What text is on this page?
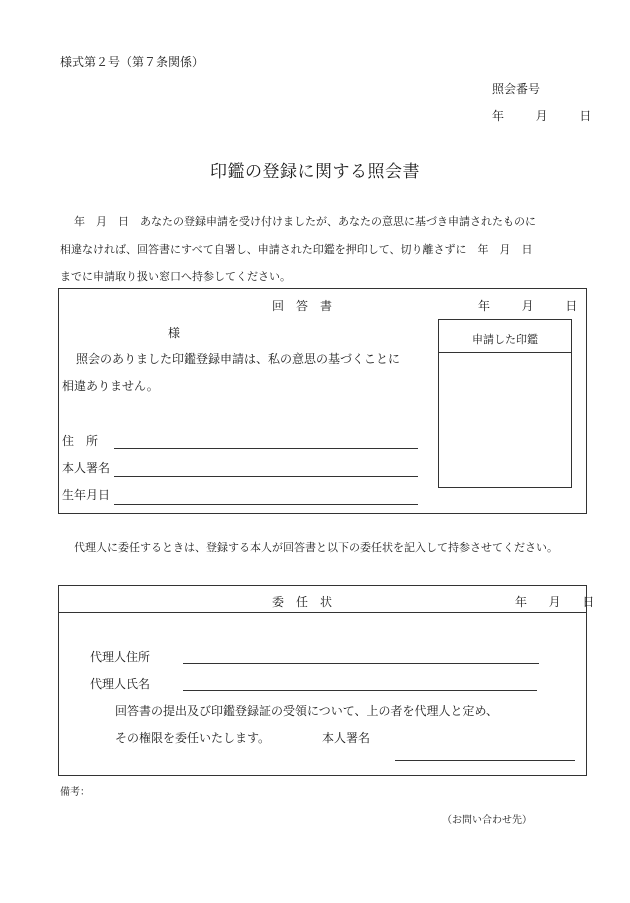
様式第２号（第７条関係）
照会番号
年	月	日
印鑑の登録に関する照会書
年　月　日　あなたの登録申請を受け付けましたが、あなたの意思に基づき申請されたものに
相違なければ、回答書にすべて自署し、申請された印鑑を押印して、切り離さずに　年　月　日
までに申請取り扱い窓口へ持参してください。
回　答　書	年	月	日
様
照会のありました印鑑登録申請は、私の意思の基づくことに
相違ありません。
住　所
本人署名
生年月日
申請した印鑑
代理人に委任するときは、登録する本人が回答書と以下の委任状を記入して持参させてください。
委　任　状	年 月 日
代理人住所
代理人氏名
回答書の提出及び印鑑登録証の受領について、上の者を代理人と定め、
その権限を委任いたします。	本人署名
備考：
（お問い合わせ先）
